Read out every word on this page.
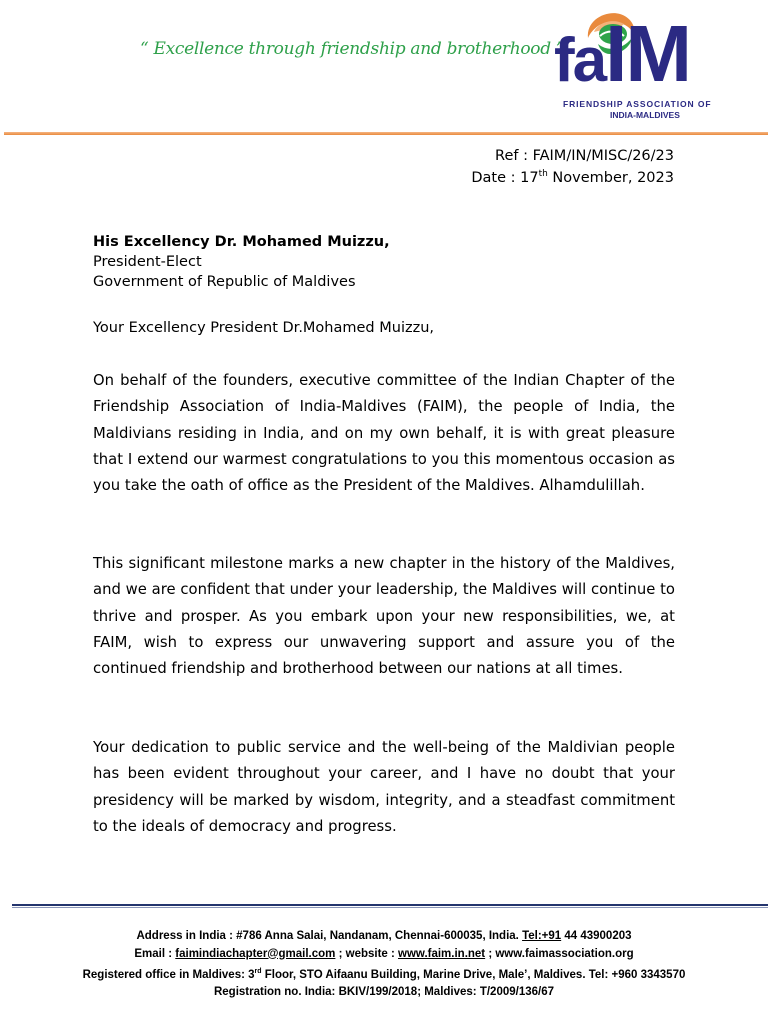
“ Excellence through friendship and brotherhood ”
faIM
FRIENDSHIP ASSOCIATION OF
INDIA-MALDIVES
Ref : FAIM/IN/MISC/26/23
Date : 17th November, 2023
His Excellency Dr. Mohamed Muizzu,
President-Elect
Government of Republic of Maldives
Your Excellency President Dr.Mohamed Muizzu,

On behalf of the founders, executive committee of the Indian Chapter of the Friendship Association of India-Maldives (FAIM), the people of India, the Maldivians residing in India, and on my own behalf, it is with great pleasure that I extend our warmest congratulations to you this momentous occasion as you take the oath of office as the President of the Maldives. Alhamdulillah.

This significant milestone marks a new chapter in the history of the Maldives, and we are confident that under your leadership, the Maldives will continue to thrive and prosper. As you embark upon your new responsibilities, we, at FAIM, wish to express our unwavering support and assure you of the continued friendship and brotherhood between our nations at all times.

Your dedication to public service and the well-being of the Maldivian people has been evident throughout your career, and I have no doubt that your presidency will be marked by wisdom, integrity, and a steadfast commitment to the ideals of democracy and progress.

Address in India : #786 Anna Salai, Nandanam, Chennai-600035, India. Tel:+91 44 43900203
Email : faimindiachapter@gmail.com ; website : www.faim.in.net ; www.faimassociation.org
Registered office in Maldives: 3rd Floor, STO Aifaanu Building, Marine Drive, Male’, Maldives. Tel: +960 3343570
Registration no. India: BKIV/199/2018; Maldives: T/2009/136/67
